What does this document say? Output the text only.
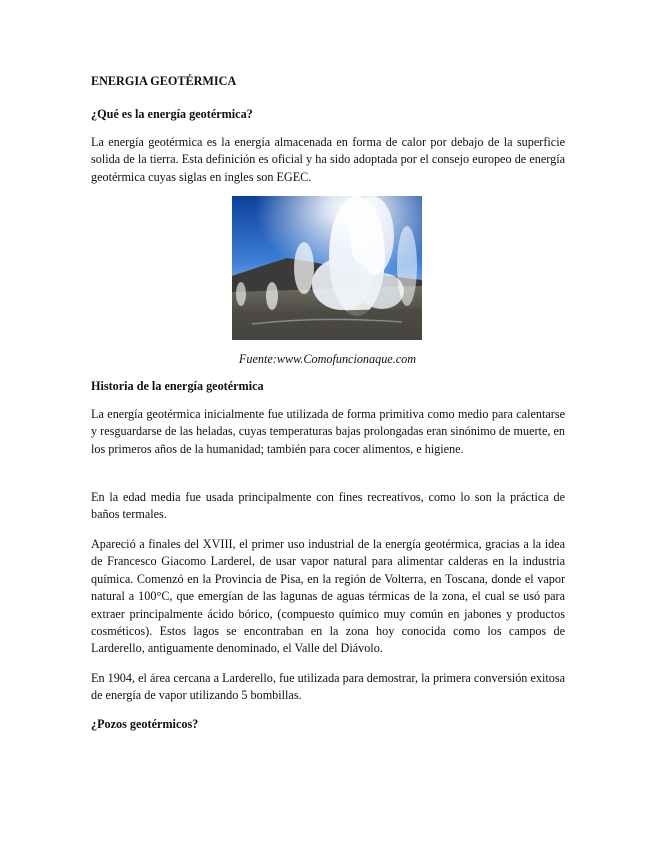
ENERGIA GEOTÉRMICA

¿Qué es la energía geotérmica?

La energía geotérmica es la energía almacenada en forma de calor por debajo de la superficie solida de la tierra. Esta definición es oficial y ha sido adoptada por el consejo europeo de energía geotérmica cuyas siglas en ingles son EGEC.

Fuente:www.Comofuncionaque.com

Historia de la energía geotérmica

La energía geotérmica inicialmente fue utilizada de forma primitiva como medio para calentarse y resguardarse de las heladas, cuyas temperaturas bajas prolongadas eran sinónimo de muerte, en los primeros años de la humanidad; también para cocer alimentos, e higiene.

En la edad media fue usada principalmente con fines recreativos, como lo son la práctica de baños termales.

Apareció a finales del XVIII, el primer uso industrial de la energía geotérmica, gracias a la idea de Francesco Giacomo Larderel, de usar vapor natural para alimentar calderas en la industria química. Comenzó en la Provincia de Pisa, en la región de Volterra, en Toscana, donde el vapor natural a 100°C, que emergían de las lagunas de aguas térmicas de la zona, el cual se usó para extraer principalmente ácido bórico, (compuesto químico muy común en jabones y productos cosméticos). Estos lagos se encontraban en la zona hoy conocida como los campos de Larderello, antiguamente denominado, el Valle del Diávolo.

En 1904, el área cercana a Larderello, fue utilizada para demostrar, la primera conversión exitosa de energía de vapor utilizando 5 bombillas.

¿Pozos geotérmicos?
